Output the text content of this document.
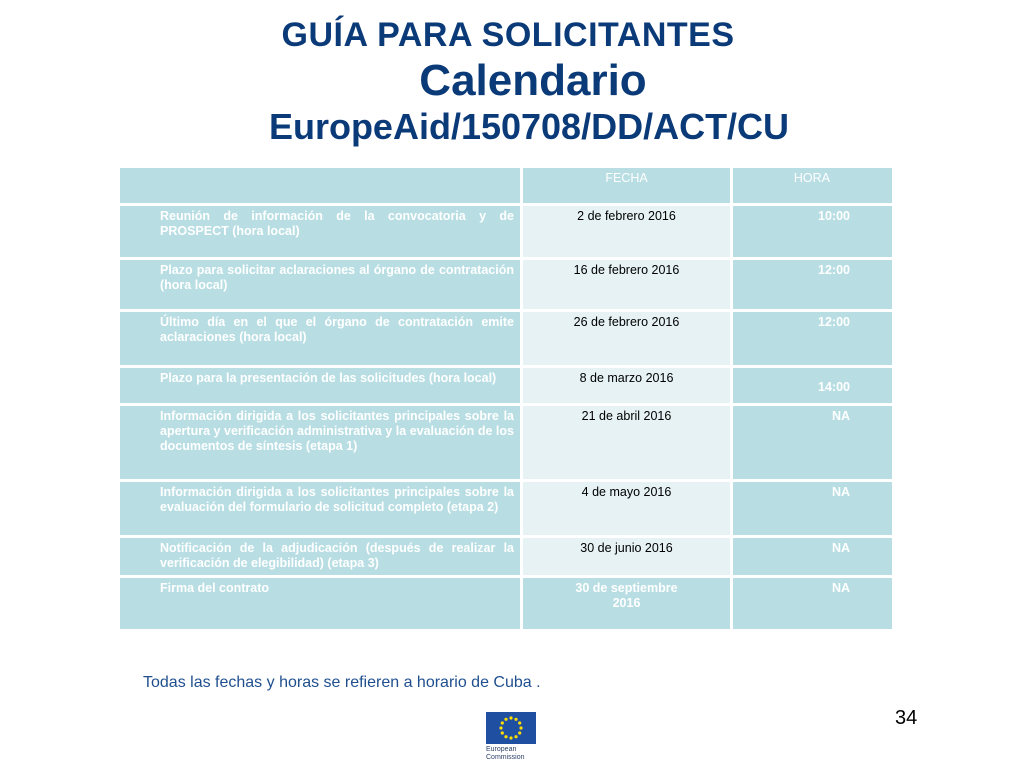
GUÍA PARA SOLICITANTES
Calendario
EuropeAid/150708/DD/ACT/CU
	FECHA	HORA
Reunión de información de la convocatoria y de PROSPECT (hora local)	2 de febrero 2016	10:00
Plazo para solicitar aclaraciones al órgano de contratación (hora local)	16 de febrero 2016	12:00
Último día en el que el órgano de contratación emite aclaraciones (hora local)	26 de febrero 2016	12:00
Plazo para la presentación de las solicitudes (hora local)	8 de marzo 2016	14:00
Información dirigida a los solicitantes principales sobre la apertura y verificación administrativa y la evaluación de los documentos de síntesis (etapa 1)	21 de abril 2016	NA
Información dirigida a los solicitantes principales sobre la evaluación del formulario de solicitud completo (etapa 2)	4 de mayo 2016	NA
Notificación de la adjudicación (después de realizar la verificación de elegibilidad) (etapa 3)	30 de junio 2016	NA
Firma del contrato	30 de septiembre 2016	NA
Todas las fechas y horas se refieren a horario de Cuba .
34
European
Commission
